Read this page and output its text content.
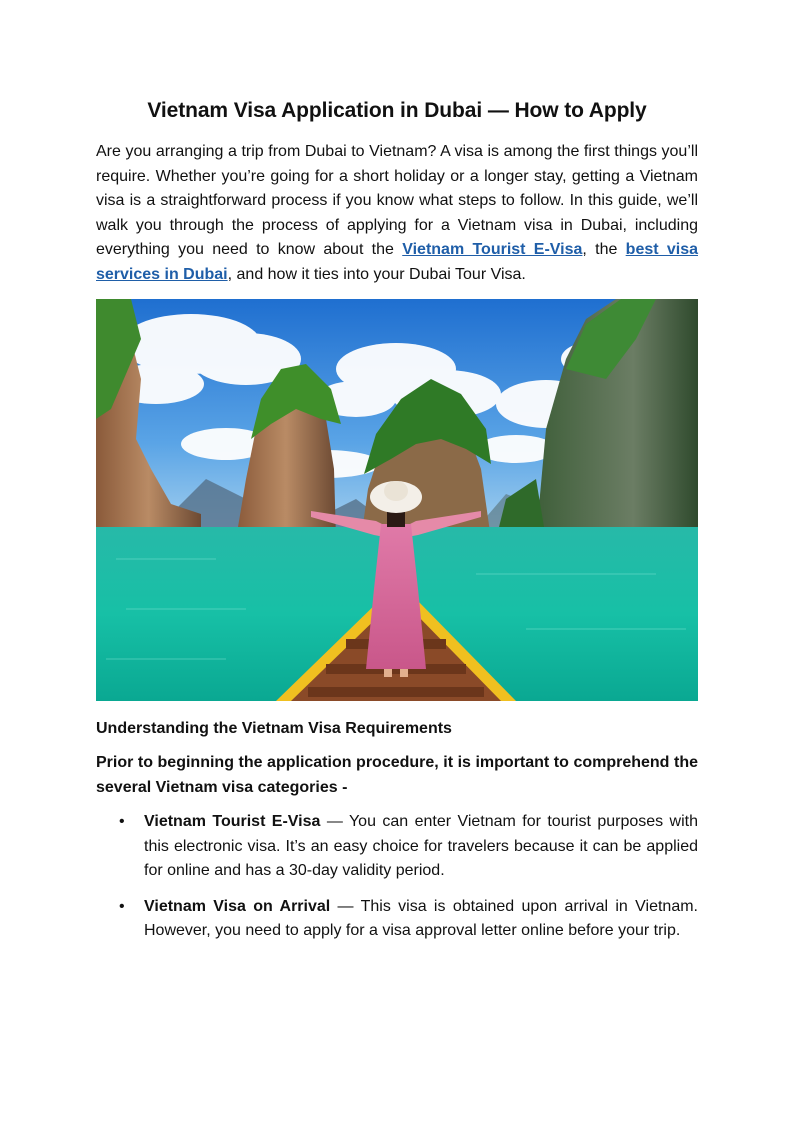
Vietnam Visa Application in Dubai — How to Apply

Are you arranging a trip from Dubai to Vietnam? A visa is among the first things you’ll require. Whether you’re going for a short holiday or a longer stay, getting a Vietnam visa is a straightforward process if you know what steps to follow. In this guide, we’ll walk you through the process of applying for a Vietnam visa in Dubai, including everything you need to know about the Vietnam Tourist E-Visa, the best visa services in Dubai, and how it ties into your Dubai Tour Visa.

Understanding the Vietnam Visa Requirements

Prior to beginning the application procedure, it is important to comprehend the several Vietnam visa categories -

• Vietnam Tourist E-Visa — You can enter Vietnam for tourist purposes with this electronic visa. It’s an easy choice for travelers because it can be applied for online and has a 30-day validity period.
• Vietnam Visa on Arrival — This visa is obtained upon arrival in Vietnam. However, you need to apply for a visa approval letter online before your trip.
